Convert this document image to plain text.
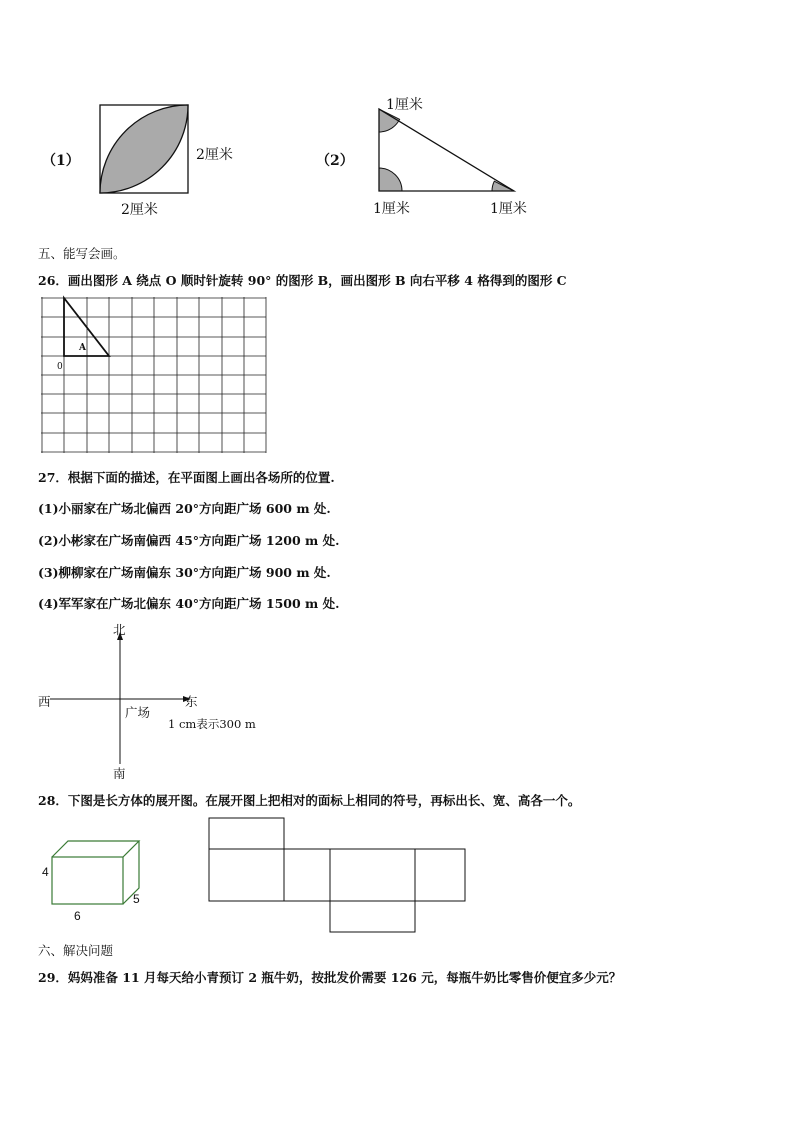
（1）	2厘米
2厘米
（2）
1厘米
1厘米	1厘米
五、能写会画。
26．画出图形 A 绕点 O 顺时针旋转 90° 的图形 B，画出图形 B 向右平移 4 格得到的图形 C
A
0
27．根据下面的描述，在平面图上画出各场所的位置.
(1)小丽家在广场北偏西 20°方向距广场 600 m 处.
(2)小彬家在广场南偏西 45°方向距广场 1200 m 处.
(3)柳柳家在广场南偏东 30°方向距广场 900 m 处.
(4)军军家在广场北偏东 40°方向距广场 1500 m 处.
北
南
西	东
广场
1 cm表示300 m
28．下图是长方体的展开图。在展开图上把相对的面标上相同的符号，再标出长、宽、高各一个。
4
6
5
六、解决问题
29．妈妈准备 11 月每天给小青预订 2 瓶牛奶，按批发价需要 126 元，每瓶牛奶比零售价便宜多少元？
